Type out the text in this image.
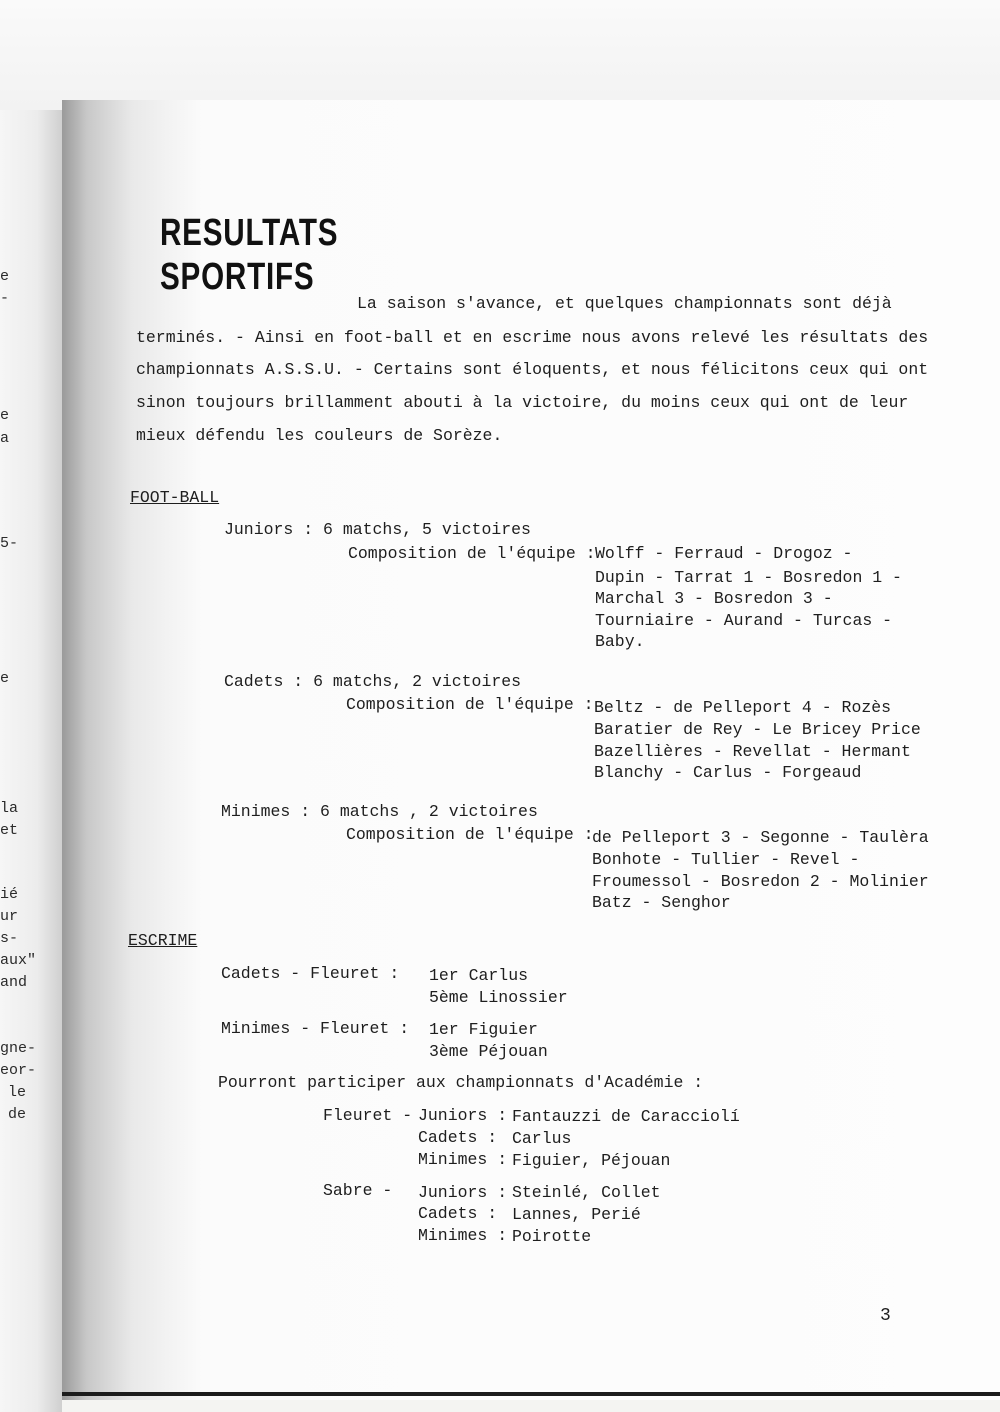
e
-
e
a
5-
e
la
et
ié
ur
s-
aux"
and
gne-
eor-
le
de
RESULTATS
SPORTIFS
La saison s'avance, et quelques championnats sont déjà
terminés. - Ainsi en foot-ball et en escrime nous avons relevé les résultats des
championnats A.S.S.U. - Certains sont éloquents, et nous félicitons ceux qui ont
sinon toujours brillamment abouti à la victoire, du moins ceux qui ont de leur
mieux défendu les couleurs de Sorèze.
FOOT-BALL
Juniors : 6 matchs, 5 victoires
Composition de l'équipe : Wolff - Ferraud - Drogoz -
Dupin - Tarrat 1 - Bosredon 1 -
Marchal 3 - Bosredon 3 -
Tourniaire - Aurand - Turcas -
Baby.
Cadets : 6 matchs, 2 victoires
Composition de l'équipe : Beltz - de Pelleport 4 - Rozès
Baratier de Rey - Le Bricey Price
Bazellières - Revellat - Hermant
Blanchy - Carlus - Forgeaud
Minimes : 6 matchs , 2 victoires
Composition de l'équipe :
de Pelleport 3 - Segonne - Taulèra
Bonhote - Tullier - Revel -
Froumessol - Bosredon 2 - Molinier
Batz - Senghor
ESCRIME
Cadets - Fleuret : 1er Carlus
5ème Linossier
Minimes - Fleuret : 1er Figuier
3ème Péjouan
Pourront participer aux championnats d'Académie :
Fleuret - Juniors : Fantauzzi de Caracciolí
Cadets : Carlus
Minimes : Figuier, Péjouan
Sabre - Juniors : Steinlé, Collet
Cadets : Lannes, Perié
Minimes : Poirotte
3
